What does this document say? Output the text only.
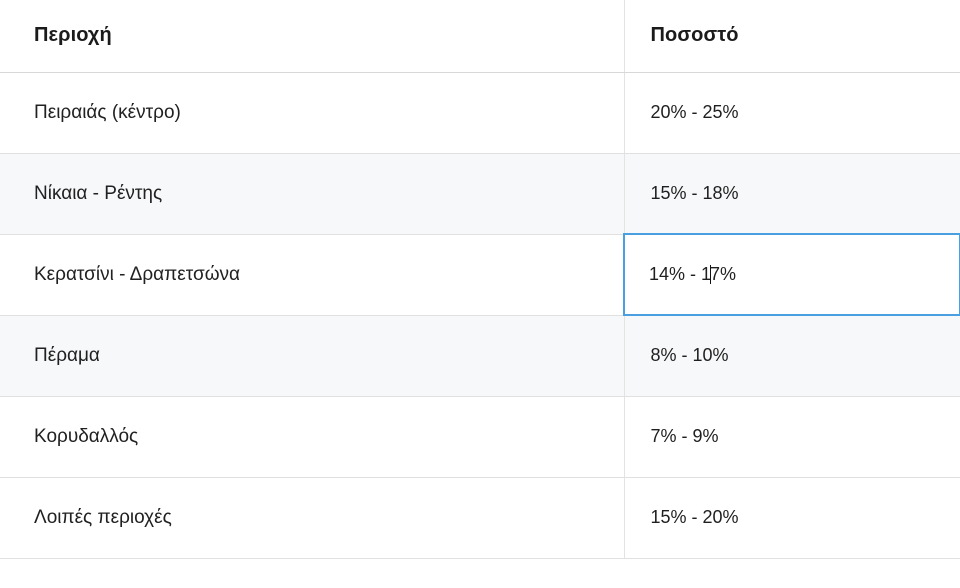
Περιοχή	Ποσοστό
Πειραιάς (κέντρο)	20% - 25%
Νίκαια - Ρέντης	15% - 18%
Κερατσίνι - Δραπετσώνα	14% - 17%
Πέραμα	8% - 10%
Κορυδαλλός	7% - 9%
Λοιπές περιοχές	15% - 20%
